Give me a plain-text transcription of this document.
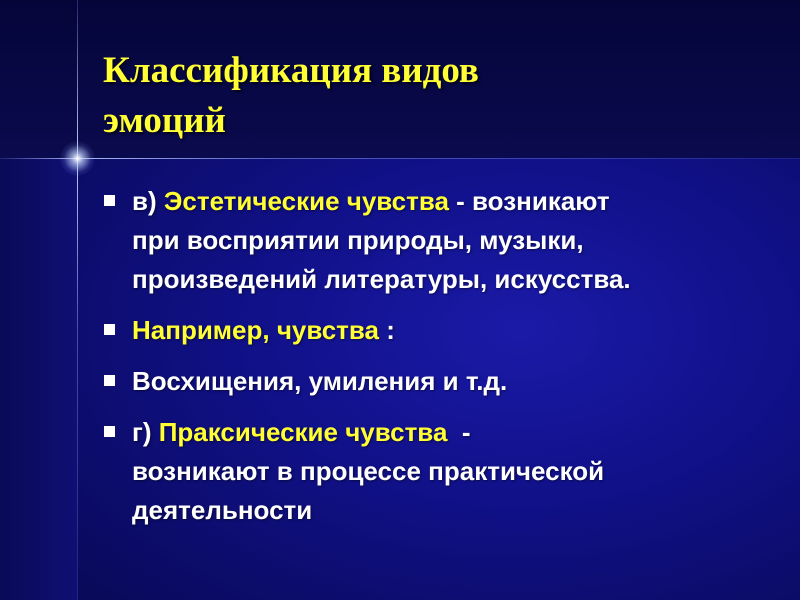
Классификация видов
эмоций
в) Эстетические чувства - возникают
при восприятии природы, музыки,
произведений литературы, искусства.
Например, чувства :
Восхищения, умиления и т.д.
г) Праксические чувства  -
возникают в процессе практической
деятельности
